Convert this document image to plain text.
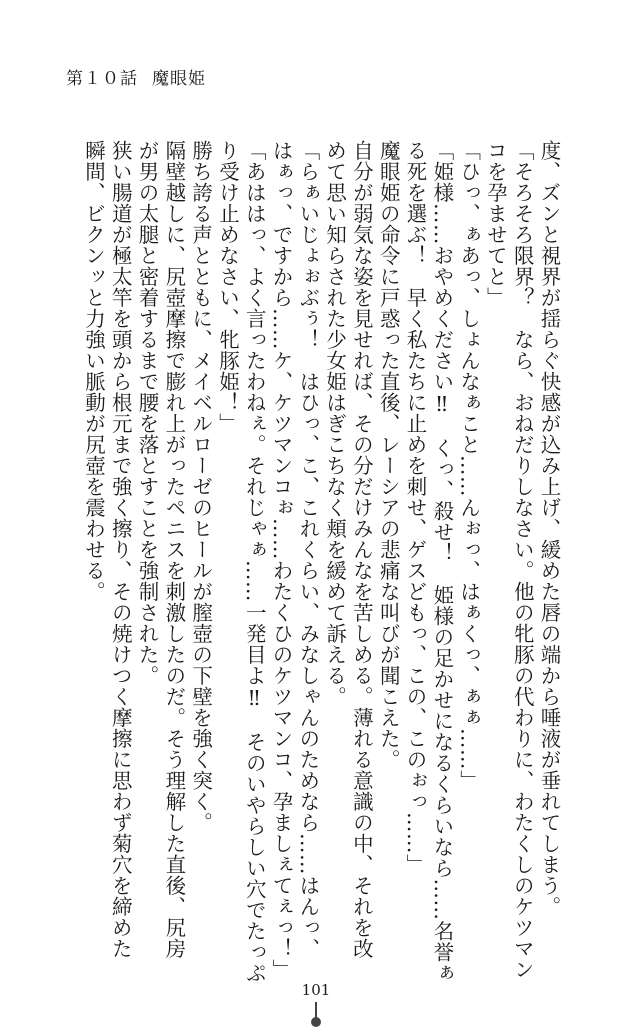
第１０話 魔眼姫
度、ズンと視界が揺らぐ快感が込み上げ、緩めた唇の端から唾液が垂れてしまう。
「そろそろ限界？　なら、おねだりしなさい。他の牝豚の代わりに、わたくしのケツマン
コを孕ませてと」
「ひっ、ぁあっ、しょんなぁこと……んぉっ、はぁくっ、ぁぁ……」
「姫様……おやめください‼　くっ、殺せ！　姫様の足かせになるくらいなら……名誉ぁ
る死を選ぶ！　早く私たちに止めを刺せ、ゲスどもっ、この、このぉっ……」
魔眼姫の命令に戸惑った直後、レーシアの悲痛な叫びが聞こえた。
自分が弱気な姿を見せれば、その分だけみんなを苦しめる。薄れる意識の中、それを改
めて思い知らされた少女姫はぎこちなく頬を緩めて訴える。
「らぁいじょぉぶぅ！　はひっ、こ、これくらい、みなしゃんのためなら……はんっ、
はぁっ、ですから……ケ、ケツマンコぉ……わたくひのケツマンコ、孕ましぇてぇっ！」
「あははっ、よく言ったわねぇ。それじゃぁ……一発目よ‼　そのいやらしい穴でたっぷ
り受け止めなさい、牝豚姫！」
勝ち誇る声とともに、メイベルローゼのヒールが膣壺の下壁を強く突く。
隔壁越しに、尻壺摩擦で膨れ上がったペニスを刺激したのだ。そう理解した直後、尻房
が男の太腿と密着するまで腰を落とすことを強制された。
狭い腸道が極太竿を頭から根元まで強く擦り、その焼けつく摩擦に思わず菊穴を締めた
瞬間、ビクンッと力強い脈動が尻壺を震わせる。
101
